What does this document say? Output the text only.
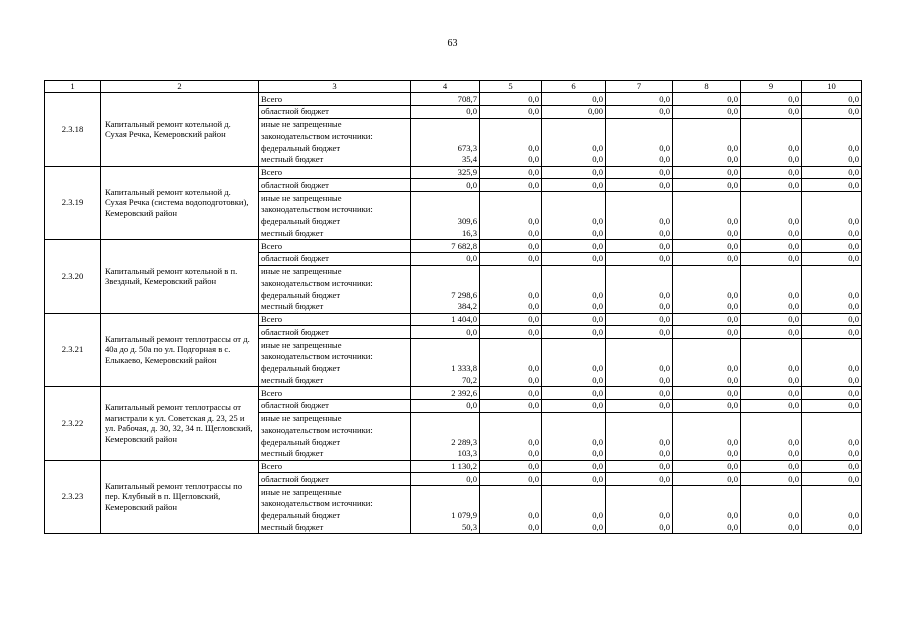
63
1	2	3	4	5	6	7	8	9	10
2.3.18	Капитальный ремонт котельной д. Сухая Речка, Кемеровский район	Всего	708,7	0,0	0,0	0,0	0,0	0,0	0,0
		областной бюджет	0,0	0,0	0,00	0,0	0,0	0,0	0,0
		иные не запрещенные							
		законодательством источники:							
		федеральный бюджет	673,3	0,0	0,0	0,0	0,0	0,0	0,0
		местный бюджет	35,4	0,0	0,0	0,0	0,0	0,0	0,0
2.3.19	Капитальный ремонт котельной д. Сухая Речка (система водоподготовки), Кемеровский район	Всего	325,9	0,0	0,0	0,0	0,0	0,0	0,0
		областной бюджет	0,0	0,0	0,0	0,0	0,0	0,0	0,0
		иные не запрещенные							
		законодательством источники:							
		федеральный бюджет	309,6	0,0	0,0	0,0	0,0	0,0	0,0
		местный бюджет	16,3	0,0	0,0	0,0	0,0	0,0	0,0
2.3.20	Капитальный ремонт котельной в п. Звездный, Кемеровский район	Всего	7 682,8	0,0	0,0	0,0	0,0	0,0	0,0
		областной бюджет	0,0	0,0	0,0	0,0	0,0	0,0	0,0
		иные не запрещенные							
		законодательством источники:							
		федеральный бюджет	7 298,6	0,0	0,0	0,0	0,0	0,0	0,0
		местный бюджет	384,2	0,0	0,0	0,0	0,0	0,0	0,0
2.3.21	Капитальный ремонт теплотрассы от д. 40а до д. 50а по ул. Подгорная в с. Елыкаево, Кемеровский район	Всего	1 404,0	0,0	0,0	0,0	0,0	0,0	0,0
		областной бюджет	0,0	0,0	0,0	0,0	0,0	0,0	0,0
		иные не запрещенные							
		законодательством источники:							
		федеральный бюджет	1 333,8	0,0	0,0	0,0	0,0	0,0	0,0
		местный бюджет	70,2	0,0	0,0	0,0	0,0	0,0	0,0
2.3.22	Капитальный ремонт теплотрассы от магистрали к ул. Советская д. 23, 25 и ул. Рабочая, д. 30, 32, 34 п. Щегловский, Кемеровский район	Всего	2 392,6	0,0	0,0	0,0	0,0	0,0	0,0
		областной бюджет	0,0	0,0	0,0	0,0	0,0	0,0	0,0
		иные не запрещенные							
		законодательством источники:							
		федеральный бюджет	2 289,3	0,0	0,0	0,0	0,0	0,0	0,0
		местный бюджет	103,3	0,0	0,0	0,0	0,0	0,0	0,0
2.3.23	Капитальный ремонт теплотрассы по пер. Клубный в п. Щегловский, Кемеровский район	Всего	1 130,2	0,0	0,0	0,0	0,0	0,0	0,0
		областной бюджет	0,0	0,0	0,0	0,0	0,0	0,0	0,0
		иные не запрещенные							
		законодательством источники:							
		федеральный бюджет	1 079,9	0,0	0,0	0,0	0,0	0,0	0,0
		местный бюджет	50,3	0,0	0,0	0,0	0,0	0,0	0,0
